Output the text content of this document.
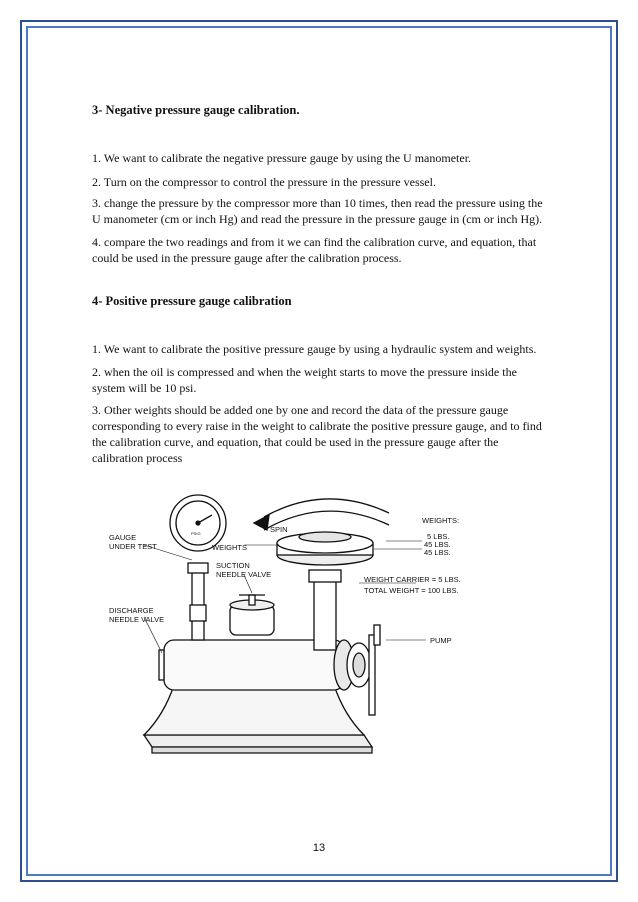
3- Negative pressure gauge calibration.
1. We want to calibrate the negative pressure gauge by using the U manometer.
2. Turn on the compressor to control the pressure in the pressure vessel.
3. change the pressure by the compressor more than 10 times, then read the pressure using the U manometer (cm or inch Hg) and read the pressure in the pressure gauge in (cm or inch Hg).
4. compare the two readings and from it we can find the calibration curve, and equation, that could be used in the pressure gauge after the calibration process.
4- Positive pressure gauge calibration
1. We want to calibrate the positive pressure gauge by using a hydraulic system and weights.
2. when the oil is compressed and when the weight starts to move the pressure inside the system will be 10 psi.
3. Other weights should be added one by one and record the data of the pressure gauge corresponding to every raise in the weight to calibrate the positive pressure gauge, and to find the calibration curve, and equation, that could be used in the pressure gauge after the calibration process
GAUGE
UNDER TEST	WEIGHTS
SUCTION
NEEDLE VALVE
DISCHARGE
NEEDLE VALVE
SPIN
WEIGHTS:
5 LBS.
45 LBS.
45 LBS.
WEIGHT CARRIER = 5 LBS.
TOTAL WEIGHT = 100 LBS.
PUMP
PSIG
13
